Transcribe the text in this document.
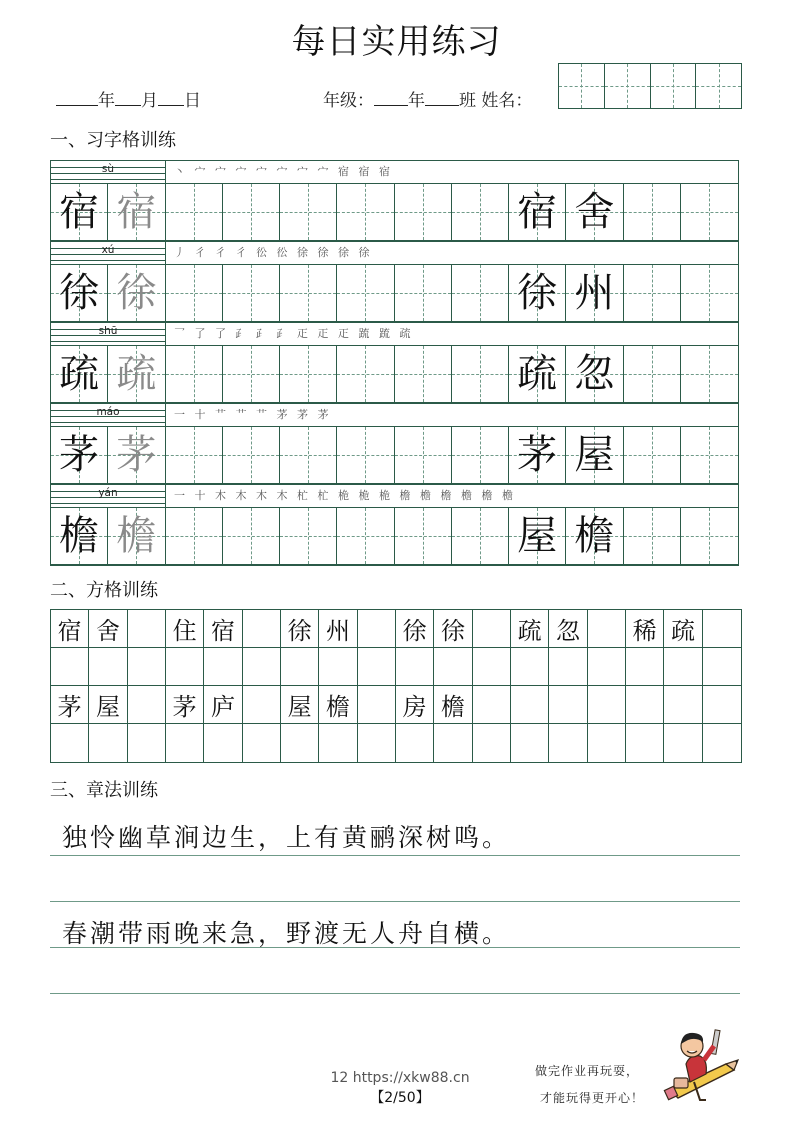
每日实用练习
年 月 日	年级： 年 班 姓名：
一、习字格训练
sù	丶 宀 宀 宀 宀 宀 宀 宀 宿 宿 宿
宿 宿	宿 舍
xú	丿 彳 彳 彳 彸 彸 徐 徐 徐 徐
徐 徐	徐 州
shū	乛 了 了 ⺪ ⺪ ⺪ 𤴓 𤴓 𤴓 䟽 䟽 疏
疏 疏	疏 忽
máo	一 十 艹 艹 艹 茅 茅 茅
茅 茅	茅 屋
yán	一 十 木 木 木 木 杧 杧 桅 桅 桅 檐 檐 檐 檐 檐 檐
檐 檐	屋 檐
二、方格训练
宿 舍	住 宿	徐 州	徐 徐	疏 忽	稀 疏
茅 屋	茅 庐	屋 檐	房 檐
三、章法训练
独怜幽草涧边生，上有黄鹂深树鸣。
春潮带雨晚来急，野渡无人舟自横。
12 https://xkw88.cn
【2/50】
做完作业再玩耍，
才能玩得更开心！
